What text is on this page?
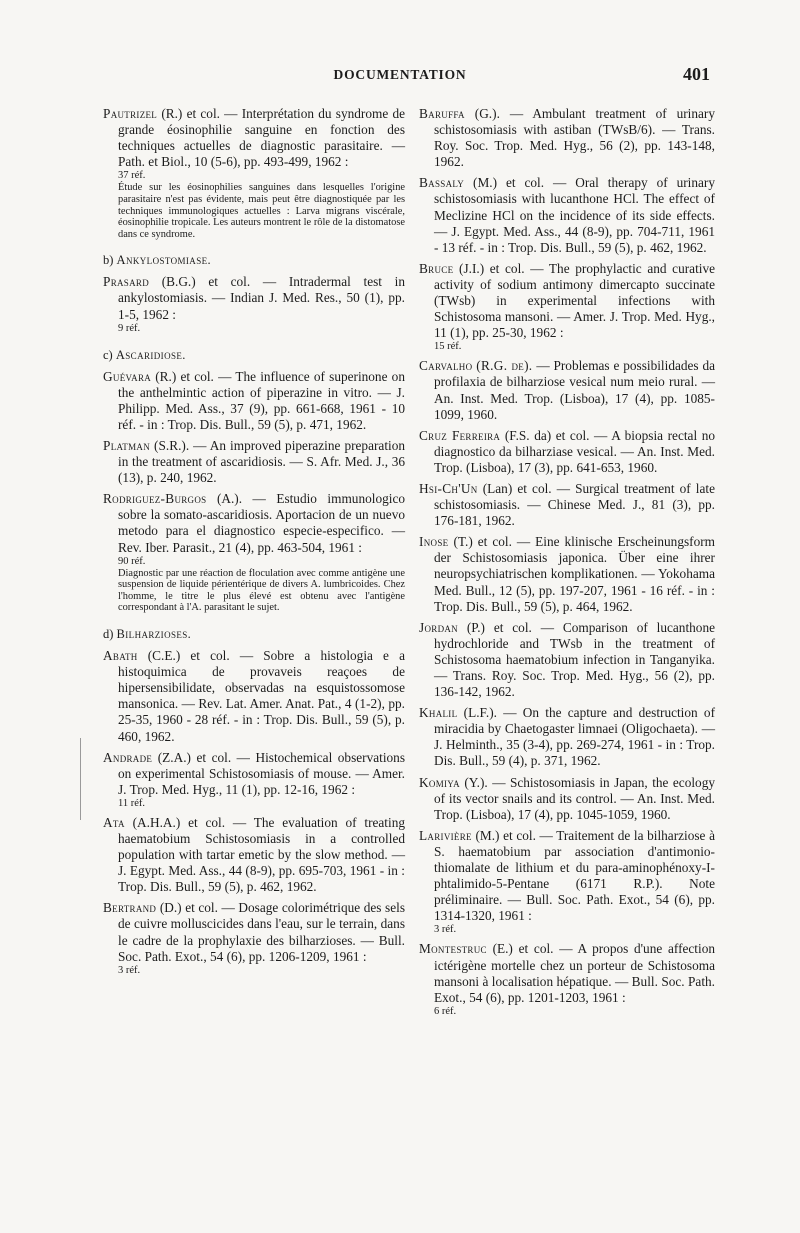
DOCUMENTATION	401
Pautrizel (R.) et col. — Interprétation du syndrome de grande éosinophilie sanguine en fonction des techniques actuelles de diagnostic parasitaire. — Path. et Biol., 10 (5-6), pp. 493-499, 1962 :
37 réf.
Étude sur les éosinophilies sanguines dans lesquelles l'origine parasitaire n'est pas évidente, mais peut être diagnostiquée par les techniques immunologiques actuelles : Larva migrans viscérale, éosinophilie tropicale. Les auteurs montrent le rôle de la distomatose dans ce syndrome.
b) Ankylostomiase.
Prasard (B.G.) et col. — Intradermal test in ankylostomiasis. — Indian J. Med. Res., 50 (1), pp. 1-5, 1962 :
9 réf.
c) Ascaridiose.
Guévara (R.) et col. — The influence of superinone on the anthelmintic action of piperazine in vitro. — J. Philipp. Med. Ass., 37 (9), pp. 661-668, 1961 - 10 réf. - in : Trop. Dis. Bull., 59 (5), p. 471, 1962.
Platman (S.R.). — An improved piperazine preparation in the treatment of ascaridiosis. — S. Afr. Med. J., 36 (13), p. 240, 1962.
Rodriguez-Burgos (A.). — Estudio immunologico sobre la somato-ascaridiosis. Aportacion de un nuevo metodo para el diagnostico especie-especifico. — Rev. Iber. Parasit., 21 (4), pp. 463-504, 1961 :
90 réf.
Diagnostic par une réaction de floculation avec comme antigène une suspension de liquide périentérique de divers A. lumbricoides. Chez l'homme, le titre le plus élevé est obtenu avec l'antigène correspondant à l'A. parasitant le sujet.
d) Bilharzioses.
Abath (C.E.) et col. — Sobre a histologia e a histoquimica de provaveis reaçoes de hipersensibilidate, observadas na esquistossomose mansonica. — Rev. Lat. Amer. Anat. Pat., 4 (1-2), pp. 25-35, 1960 - 28 réf. - in : Trop. Dis. Bull., 59 (5), p. 460, 1962.
Andrade (Z.A.) et col. — Histochemical observations on experimental Schistosomiasis of mouse. — Amer. J. Trop. Med. Hyg., 11 (1), pp. 12-16, 1962 :
11 réf.
Ata (A.H.A.) et col. — The evaluation of treating haematobium Schistosomiasis in a controlled population with tartar emetic by the slow method. — J. Egypt. Med. Ass., 44 (8-9), pp. 695-703, 1961 - in : Trop. Dis. Bull., 59 (5), p. 462, 1962.
Bertrand (D.) et col. — Dosage colorimétrique des sels de cuivre molluscicides dans l'eau, sur le terrain, dans le cadre de la prophylaxie des bilharzioses. — Bull. Soc. Path. Exot., 54 (6), pp. 1206-1209, 1961 :
3 réf.
Baruffa (G.). — Ambulant treatment of urinary schistosomiasis with astiban (TWsB/6). — Trans. Roy. Soc. Trop. Med. Hyg., 56 (2), pp. 143-148, 1962.
Bassaly (M.) et col. — Oral therapy of urinary schistosomiasis with lucanthone HCl. The effect of Meclizine HCl on the incidence of its side effects. — J. Egypt. Med. Ass., 44 (8-9), pp. 704-711, 1961 - 13 réf. - in : Trop. Dis. Bull., 59 (5), p. 462, 1962.
Bruce (J.I.) et col. — The prophylactic and curative activity of sodium antimony dimercapto succinate (TWsb) in experimental infections with Schistosoma mansoni. — Amer. J. Trop. Med. Hyg., 11 (1), pp. 25-30, 1962 :
15 réf.
Carvalho (R.G. de). — Problemas e possibilidades da profilaxia de bilharziose vesical num meio rural. — An. Inst. Med. Trop. (Lisboa), 17 (4), pp. 1085-1099, 1960.
Cruz Ferreira (F.S. da) et col. — A biopsia rectal no diagnostico da bilharziase vesical. — An. Inst. Med. Trop. (Lisboa), 17 (3), pp. 641-653, 1960.
Hsi-Ch'Un (Lan) et col. — Surgical treatment of late schistosomiasis. — Chinese Med. J., 81 (3), pp. 176-181, 1962.
Inose (T.) et col. — Eine klinische Erscheinungsform der Schistosomiasis japonica. Über eine ihrer neuropsychiatrischen komplikationen. — Yokohama Med. Bull., 12 (5), pp. 197-207, 1961 - 16 réf. - in : Trop. Dis. Bull., 59 (5), p. 464, 1962.
Jordan (P.) et col. — Comparison of lucanthone hydrochloride and TWsb in the treatment of Schistosoma haematobium infection in Tanganyika. — Trans. Roy. Soc. Trop. Med. Hyg., 56 (2), pp. 136-142, 1962.
Khalil (L.F.). — On the capture and destruction of miracidia by Chaetogaster limnaei (Oligochaeta). — J. Helminth., 35 (3-4), pp. 269-274, 1961 - in : Trop. Dis. Bull., 59 (4), p. 371, 1962.
Komiya (Y.). — Schistosomiasis in Japan, the ecology of its vector snails and its control. — An. Inst. Med. Trop. (Lisboa), 17 (4), pp. 1045-1059, 1960.
Larivière (M.) et col. — Traitement de la bilharziose à S. haematobium par association d'antimonio-thiomalate de lithium et du para-aminophénoxy-I-phtalimido-5-Pentane (6171 R.P.). Note préliminaire. — Bull. Soc. Path. Exot., 54 (6), pp. 1314-1320, 1961 :
3 réf.
Montestruc (E.) et col. — A propos d'une affection ictérigène mortelle chez un porteur de Schistosoma mansoni à localisation hépatique. — Bull. Soc. Path. Exot., 54 (6), pp. 1201-1203, 1961 :
6 réf.
